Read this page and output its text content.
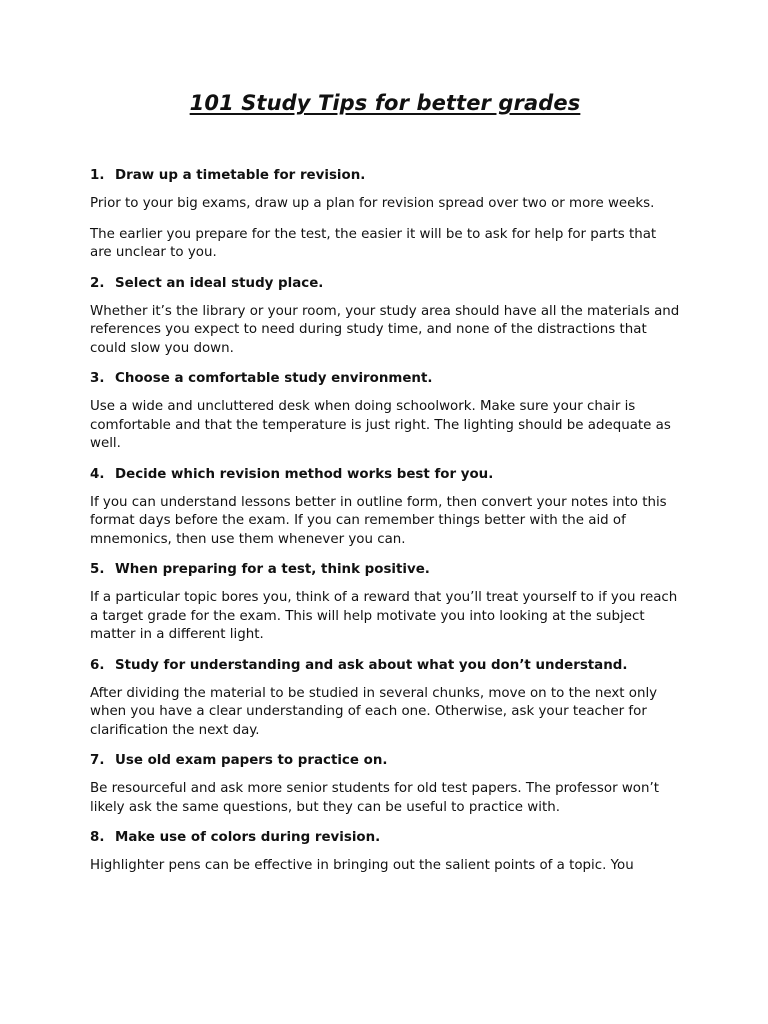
101 Study Tips for better grades
1. Draw up a timetable for revision.

Prior to your big exams, draw up a plan for revision spread over two or more weeks.

The earlier you prepare for the test, the easier it will be to ask for help for parts that are unclear to you.

2. Select an ideal study place.

Whether it’s the library or your room, your study area should have all the materials and references you expect to need during study time, and none of the distractions that could slow you down.

3. Choose a comfortable study environment.

Use a wide and uncluttered desk when doing schoolwork. Make sure your chair is comfortable and that the temperature is just right. The lighting should be adequate as well.

4. Decide which revision method works best for you.

If you can understand lessons better in outline form, then convert your notes into this format days before the exam. If you can remember things better with the aid of mnemonics, then use them whenever you can.

5. When preparing for a test, think positive.

If a particular topic bores you, think of a reward that you’ll treat yourself to if you reach a target grade for the exam. This will help motivate you into looking at the subject matter in a different light.

6. Study for understanding and ask about what you don’t understand.

After dividing the material to be studied in several chunks, move on to the next only when you have a clear understanding of each one. Otherwise, ask your teacher for clarification the next day.

7. Use old exam papers to practice on.

Be resourceful and ask more senior students for old test papers. The professor won’t likely ask the same questions, but they can be useful to practice with.

8. Make use of colors during revision.

Highlighter pens can be effective in bringing out the salient points of a topic. You
